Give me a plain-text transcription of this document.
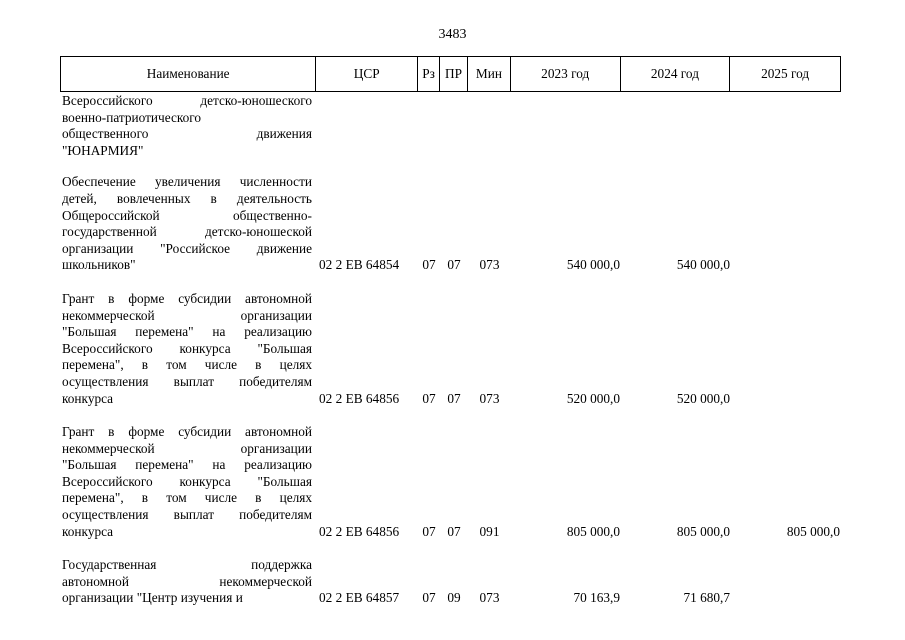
3483
Наименование	ЦСР	Рз ПР	Мин	2023 год	2024 год	2025 год
Всероссийского детско-юношеского
военно-патриотического
общественного движения
"ЮНАРМИЯ"
Обеспечение увеличения численности
детей, вовлеченных в деятельность
Общероссийской общественно-
государственной детско-юношеской
организации "Российское движение
школьников"	02 2 ЕВ 64854	07 07	073	540 000,0	540 000,0
Грант в форме субсидии автономной
некоммерческой организации
"Большая перемена" на реализацию
Всероссийского конкурса "Большая
перемена", в том числе в целях
осуществления выплат победителям
конкурса	02 2 ЕВ 64856	07 07	073	520 000,0	520 000,0
Грант в форме субсидии автономной
некоммерческой организации
"Большая перемена" на реализацию
Всероссийского конкурса "Большая
перемена", в том числе в целях
осуществления выплат победителям
конкурса	02 2 ЕВ 64856	07 07	091	805 000,0	805 000,0	805 000,0
Государственная поддержка
автономной некоммерческой
организации "Центр изучения и	02 2 ЕВ 64857	07 09	073	70 163,9	71 680,7
